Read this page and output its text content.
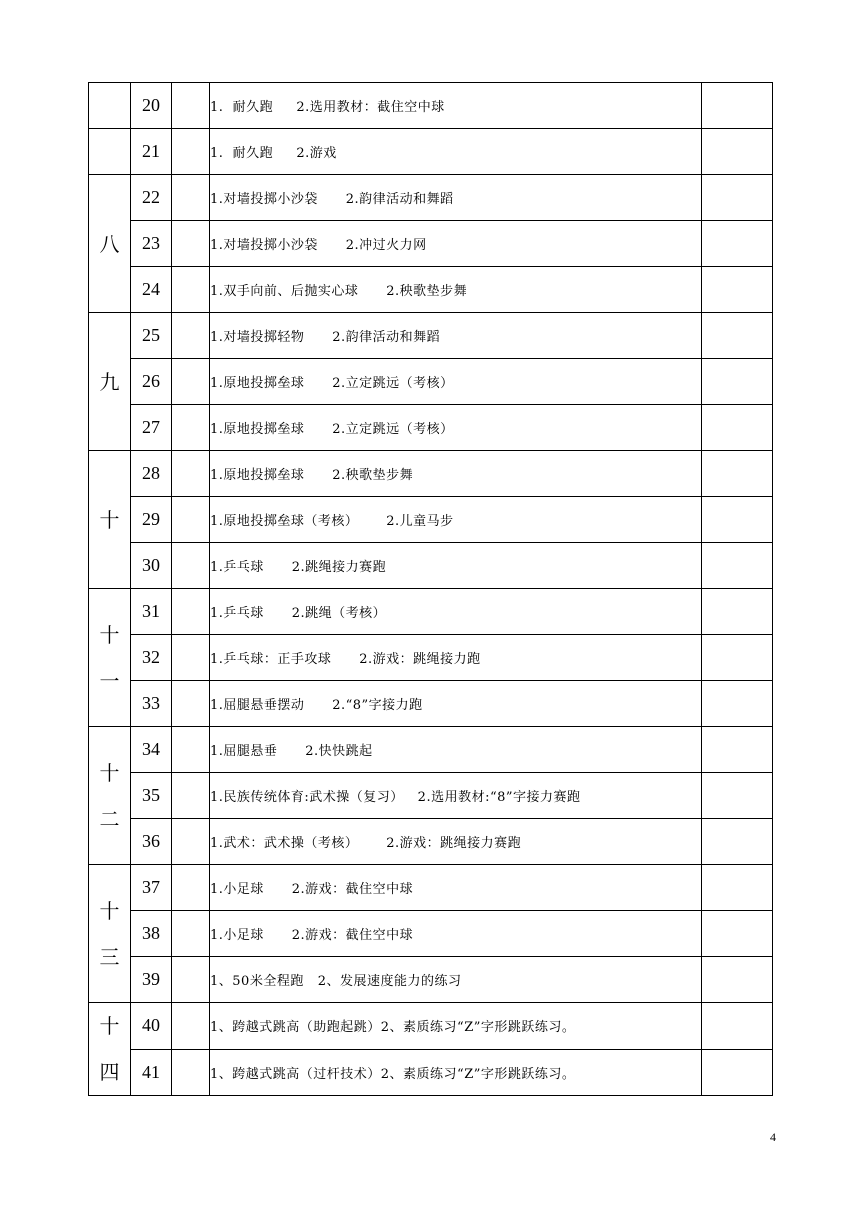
	20		1.  耐久跑     2.选用教材：截住空中球	
	21		1.  耐久跑     2.游戏	
八	22		1.对墙投掷小沙袋      2.韵律活动和舞蹈	
	23		1.对墙投掷小沙袋      2.冲过火力网	
	24		1.双手向前、后抛实心球      2.秧歌垫步舞	
九	25		1.对墙投掷轻物      2.韵律活动和舞蹈	
	26		1.原地投掷垒球      2.立定跳远（考核）	
	27		1.原地投掷垒球      2.立定跳远（考核）	
十	28		1.原地投掷垒球      2.秧歌垫步舞	
	29		1.原地投掷垒球（考核）      2.儿童马步	
	30		1.乒乓球      2.跳绳接力赛跑	
十一	31		1.乒乓球      2.跳绳（考核）	
	32		1.乒乓球：正手攻球      2.游戏：跳绳接力跑	
	33		1.屈腿悬垂摆动      2.“8”字接力跑	
十二	34		1.屈腿悬垂      2.快快跳起	
	35		1.民族传统体育:武术操（复习）   2.选用教材:“8”字接力赛跑	
	36		1.武术：武术操（考核）      2.游戏：跳绳接力赛跑	
十三	37		1.小足球      2.游戏：截住空中球	
	38		1.小足球      2.游戏：截住空中球	
	39		1、50米全程跑   2、发展速度能力的练习	
十四	40		1、跨越式跳高（助跑起跳）2、素质练习“Z”字形跳跃练习。	
	41		1、跨越式跳高（过杆技术）2、素质练习“Z”字形跳跃练习。	
4
